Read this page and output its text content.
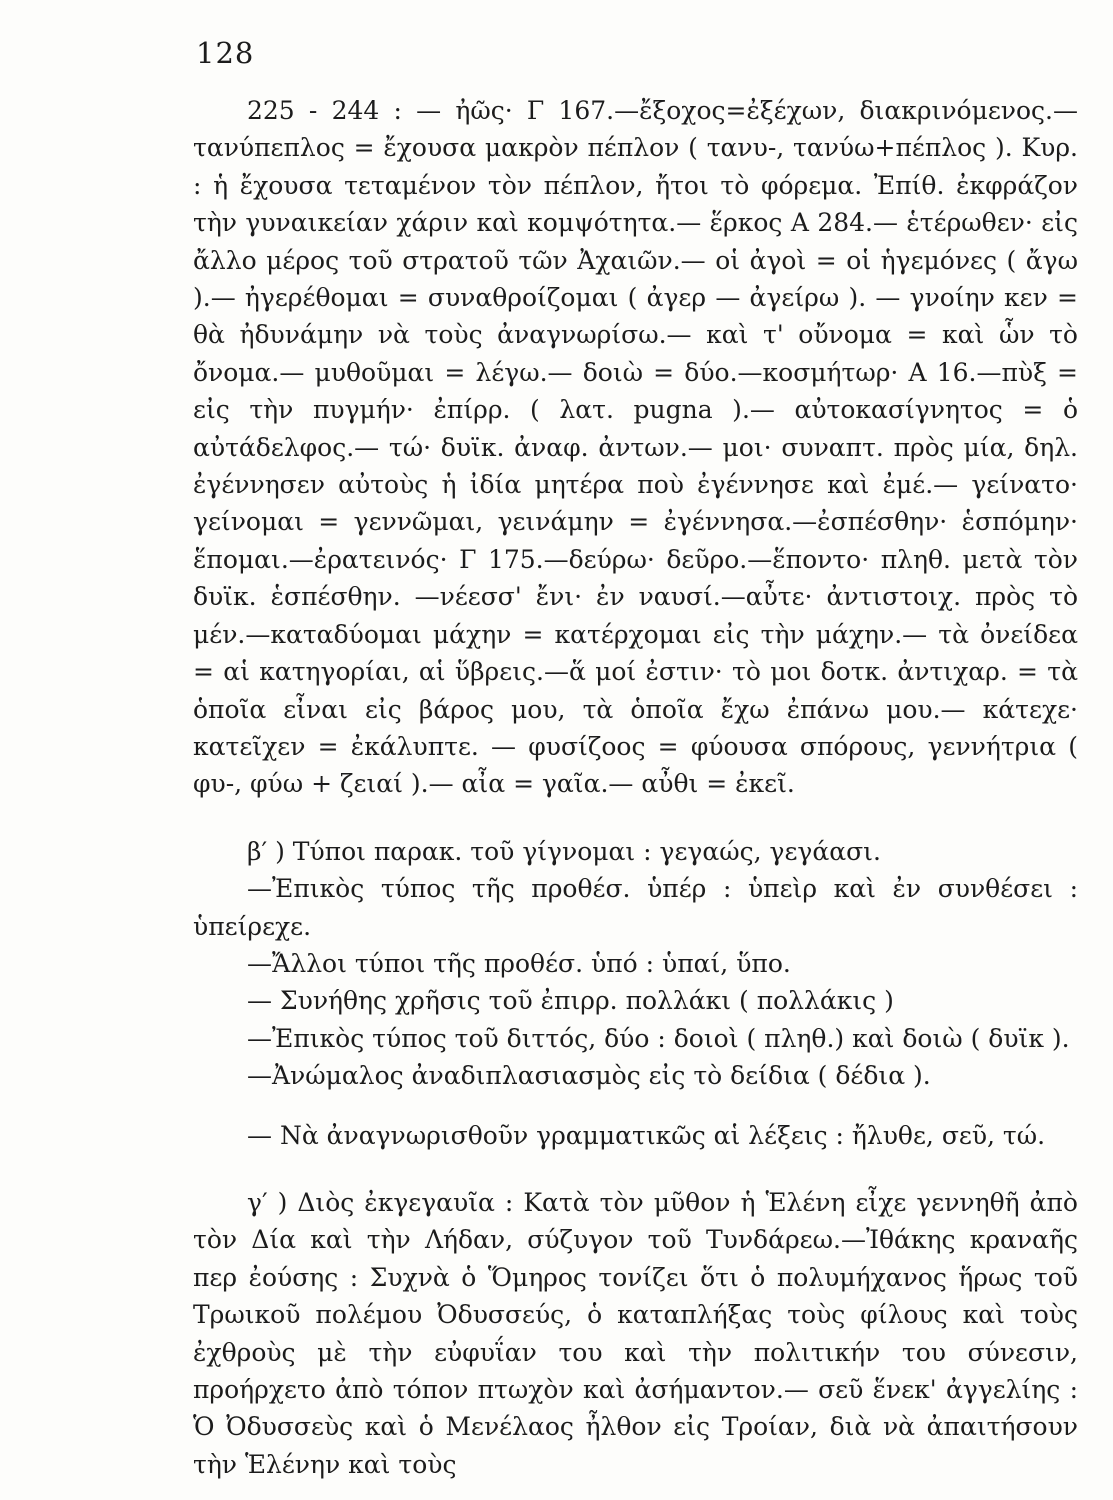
128

225 - 244 : — ἠῶς· Γ 167.—ἔξοχος=ἐξέχων, διακρινόμενος.—τανύπεπλος = ἔχουσα μακρὸν πέπλον ( τανυ-, τανύω+πέπλος ). Κυρ. : ἡ ἔχουσα τεταμένον τὸν πέπλον, ἤτοι τὸ φόρεμα. Ἐπίθ. ἐκφράζον τὴν γυναικείαν χάριν καὶ κομψότητα.— ἕρκος Α 284.— ἑτέρωθεν· εἰς ἄλλο μέρος τοῦ στρατοῦ τῶν Ἀχαιῶν.— οἱ ἀγοὶ = οἱ ἡγεμόνες ( ἄγω ).— ἠγερέθομαι = συναθροίζομαι ( ἀγερ — ἀγείρω ). — γνοίην κεν = θὰ ἠδυνάμην νὰ τοὺς ἀναγνωρίσω.— καὶ τ' οὔνομα = καὶ ὧν τὸ ὄνομα.— μυθοῦμαι = λέγω.— δοιὼ = δύο.—κοσμήτωρ· Α 16.—πὺξ = εἰς τὴν πυγμήν· ἐπίρρ. ( λατ. pugna ).— αὐτοκασίγνητος = ὁ αὐτάδελφος.— τώ· δυϊκ. ἀναφ. ἀντων.— μοι· συναπτ. πρὸς μία, δηλ. ἐγέννησεν αὐτοὺς ἡ ἰδία μητέρα ποὺ ἐγέννησε καὶ ἐμέ.— γείνατο· γείνομαι = γεννῶμαι, γεινάμην = ἐγέννησα.—ἐσπέσθην· ἑσπόμην· ἕπομαι.—ἐρατεινός· Γ 175.—δεύρω· δεῦρο.—ἕποντο· πληθ. μετὰ τὸν δυϊκ. ἑσπέσθην. —νέεσσ' ἔνι· ἐν ναυσί.—αὖτε· ἀντιστοιχ. πρὸς τὸ μέν.—καταδύομαι μάχην = κατέρχομαι εἰς τὴν μάχην.— τὰ ὀνείδεα = αἱ κατηγορίαι, αἱ ὕβρεις.—ἅ μοί ἐστιν· τὸ μοι δοτκ. ἀντιχαρ. = τὰ ὁποῖα εἶναι εἰς βάρος μου, τὰ ὁποῖα ἔχω ἐπάνω μου.— κάτεχε· κατεῖχεν = ἐκάλυπτε. — φυσίζοος = φύουσα σπόρους, γεννήτρια ( φυ-, φύω + ζειαί ).— αἶα = γαῖα.— αὖθι = ἐκεῖ.

β′ ) Τύποι παρακ. τοῦ γίγνομαι : γεγαώς, γεγάασι.

—Ἐπικὸς τύπος τῆς προθέσ. ὑπέρ : ὑπεὶρ καὶ ἐν συνθέσει : ὑπείρεχε.

—Ἄλλοι τύποι τῆς προθέσ. ὑπό : ὑπαί, ὕπο.

— Συνήθης χρῆσις τοῦ ἐπιρρ. πολλάκι ( πολλάκις )

—Ἐπικὸς τύπος τοῦ διττός, δύο : δοιοὶ ( πληθ.) καὶ δοιὼ ( δυϊκ ).

—Ἀνώμαλος ἀναδιπλασιασμὸς εἰς τὸ δείδια ( δέδια ).

— Νὰ ἀναγνωρισθοῦν γραμματικῶς αἱ λέξεις : ἤλυθε, σεῦ, τώ.

γ′ ) Διὸς ἐκγεγαυῖα : Κατὰ τὸν μῦθον ἡ Ἑλένη εἶχε γεννηθῆ ἀπὸ τὸν Δία καὶ τὴν Λήδαν, σύζυγον τοῦ Τυνδάρεω.—Ἰθάκης κραναῆς περ ἐούσης : Συχνὰ ὁ Ὅμηρος τονίζει ὅτι ὁ πολυμήχανος ἥρως τοῦ Τρωικοῦ πολέμου Ὀδυσσεύς, ὁ καταπλήξας τοὺς φίλους καὶ τοὺς ἐχθροὺς μὲ τὴν εὐφυΐαν του καὶ τὴν πολιτικήν του σύνεσιν, προήρχετο ἀπὸ τόπον πτωχὸν καὶ ἀσήμαντον.— σεῦ ἕνεκ' ἀγγελίης : Ὁ Ὀδυσσεὺς καὶ ὁ Μενέλαος ἦλθον εἰς Τροίαν, διὰ νὰ ἀπαιτήσουν τὴν Ἑλένην καὶ τοὺς
